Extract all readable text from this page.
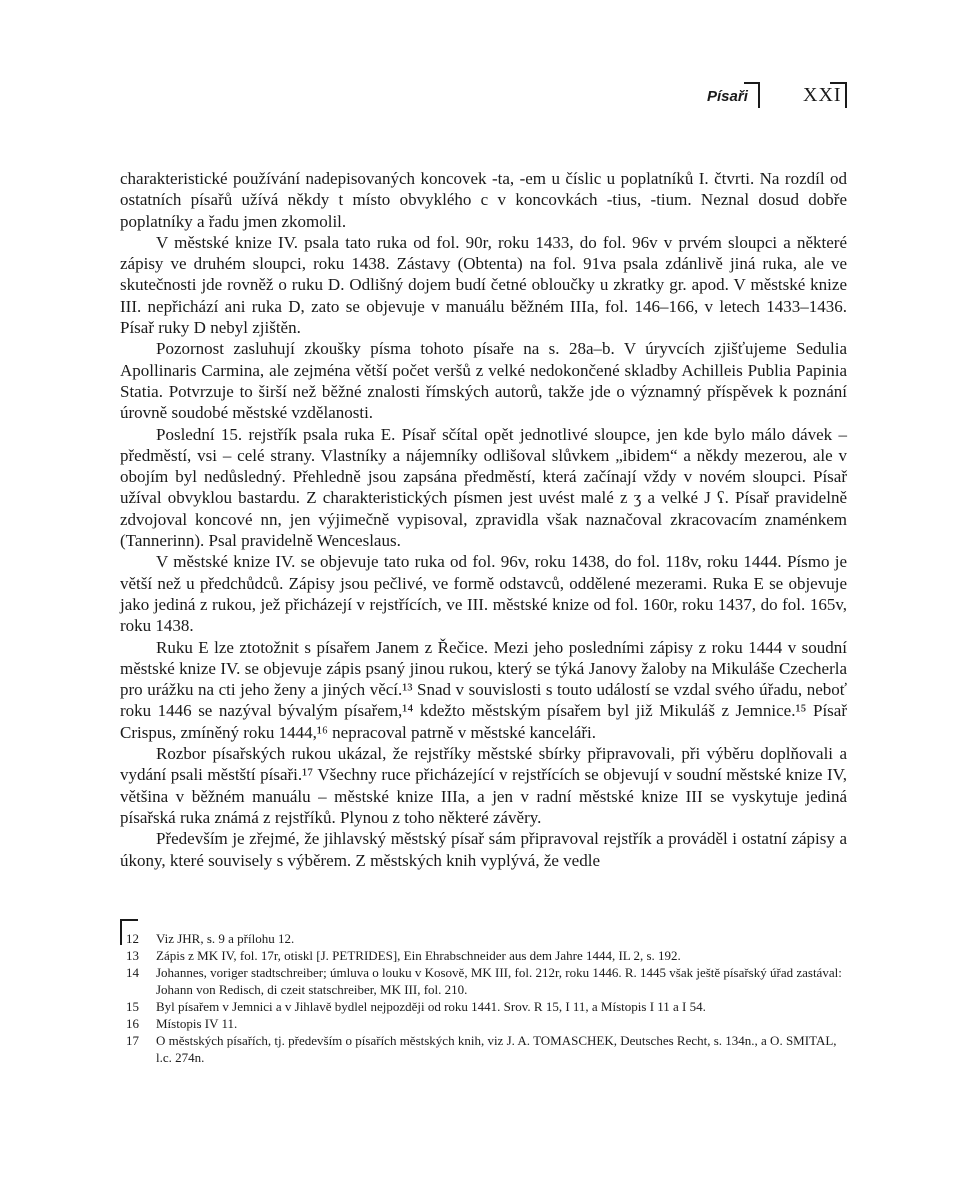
Písaři	XXI

charakteristické používání nadepisovaných koncovek -ta, -em u číslic u poplatníků I. čtvrti. Na rozdíl od ostatních písařů užívá někdy t místo obvyklého c v koncovkách -tius, -tium. Neznal dosud dobře poplatníky a řadu jmen zkomolil.

V městské knize IV. psala tato ruka od fol. 90r, roku 1433, do fol. 96v v prvém sloupci a některé zápisy ve druhém sloupci, roku 1438. Zástavy (Obtenta) na fol. 91va psala zdánlivě jiná ruka, ale ve skutečnosti jde rovněž o ruku D. Odlišný dojem budí četné obloučky u zkratky gr. apod. V městské knize III. nepřichází ani ruka D, zato se objevuje v manuálu běžném IIIa, fol. 146–166, v letech 1433–1436. Písař ruky D nebyl zjištěn.

Pozornost zasluhují zkoušky písma tohoto písaře na s. 28a–b. V úryvcích zjišťujeme Sedulia Apollinaris Carmina, ale zejména větší počet veršů z velké nedokončené skladby Achilleis Publia Papinia Statia. Potvrzuje to širší než běžné znalosti římských autorů, takže jde o významný příspěvek k poznání úrovně soudobé městské vzdělanosti.

Poslední 15. rejstřík psala ruka E. Písař sčítal opět jednotlivé sloupce, jen kde bylo málo dávek – předměstí, vsi – celé strany. Vlastníky a nájemníky odlišoval slůvkem „ibidem“ a někdy mezerou, ale v obojím byl nedůsledný. Přehledně jsou zapsána předměstí, která začínají vždy v novém sloupci. Písař užíval obvyklou bastardu. Z charakteristických písmen jest uvést malé z ʒ a velké J ʕ. Písař pravidelně zdvojoval koncové nn, jen výjimečně vypisoval, zpravidla však naznačoval zkracovacím znaménkem (Tannerinn). Psal pravidelně Wenceslaus.

V městské knize IV. se objevuje tato ruka od fol. 96v, roku 1438, do fol. 118v, roku 1444. Písmo je větší než u předchůdců. Zápisy jsou pečlivé, ve formě odstavců, oddělené mezerami. Ruka E se objevuje jako jediná z rukou, jež přicházejí v rejstřících, ve III. městské knize od fol. 160r, roku 1437, do fol. 165v, roku 1438.

Ruku E lze ztotožnit s písařem Janem z Řečice. Mezi jeho posledními zápisy z roku 1444 v soudní městské knize IV. se objevuje zápis psaný jinou rukou, který se týká Janovy žaloby na Mikuláše Czecherla pro urážku na cti jeho ženy a jiných věcí.¹³ Snad v souvislosti s touto událostí se vzdal svého úřadu, neboť roku 1446 se nazýval bývalým písařem,¹⁴ kdežto městským písařem byl již Mikuláš z Jemnice.¹⁵ Písař Crispus, zmíněný roku 1444,¹⁶ nepracoval patrně v městské kanceláři.

Rozbor písařských rukou ukázal, že rejstříky městské sbírky připravovali, při výběru doplňovali a vydání psali městští písaři.¹⁷ Všechny ruce přicházející v rejstřících se objevují v soudní městské knize IV, většina v běžném manuálu – městské knize IIIa, a jen v radní městské knize III se vyskytuje jediná písařská ruka známá z rejstříků. Plynou z toho některé závěry.

Především je zřejmé, že jihlavský městský písař sám připravoval rejstřík a prováděl i ostatní zápisy a úkony, které souvisely s výběrem. Z městských knih vyplývá, že vedle

12	Viz JHR, s. 9 a přílohu 12.
13	Zápis z MK IV, fol. 17r, otiskl [J. PETRIDES], Ein Ehrabschneider aus dem Jahre 1444, IL 2, s. 192.
14	Johannes, voriger stadtschreiber; úmluva o louku v Kosově, MK III, fol. 212r, roku 1446. R. 1445 však ještě písařský úřad zastával: Johann von Redisch, di czeit statschreiber, MK III, fol. 210.
15	Byl písařem v Jemnici a v Jihlavě bydlel nejpozději od roku 1441. Srov. R 15, I 11, a Místopis I 11 a I 54.
16	Místopis IV 11.
17	O městských písařích, tj. především o písařích městských knih, viz J. A. TOMASCHEK, Deutsches Recht, s. 134n., a O. SMITAL, l.c. 274n.
